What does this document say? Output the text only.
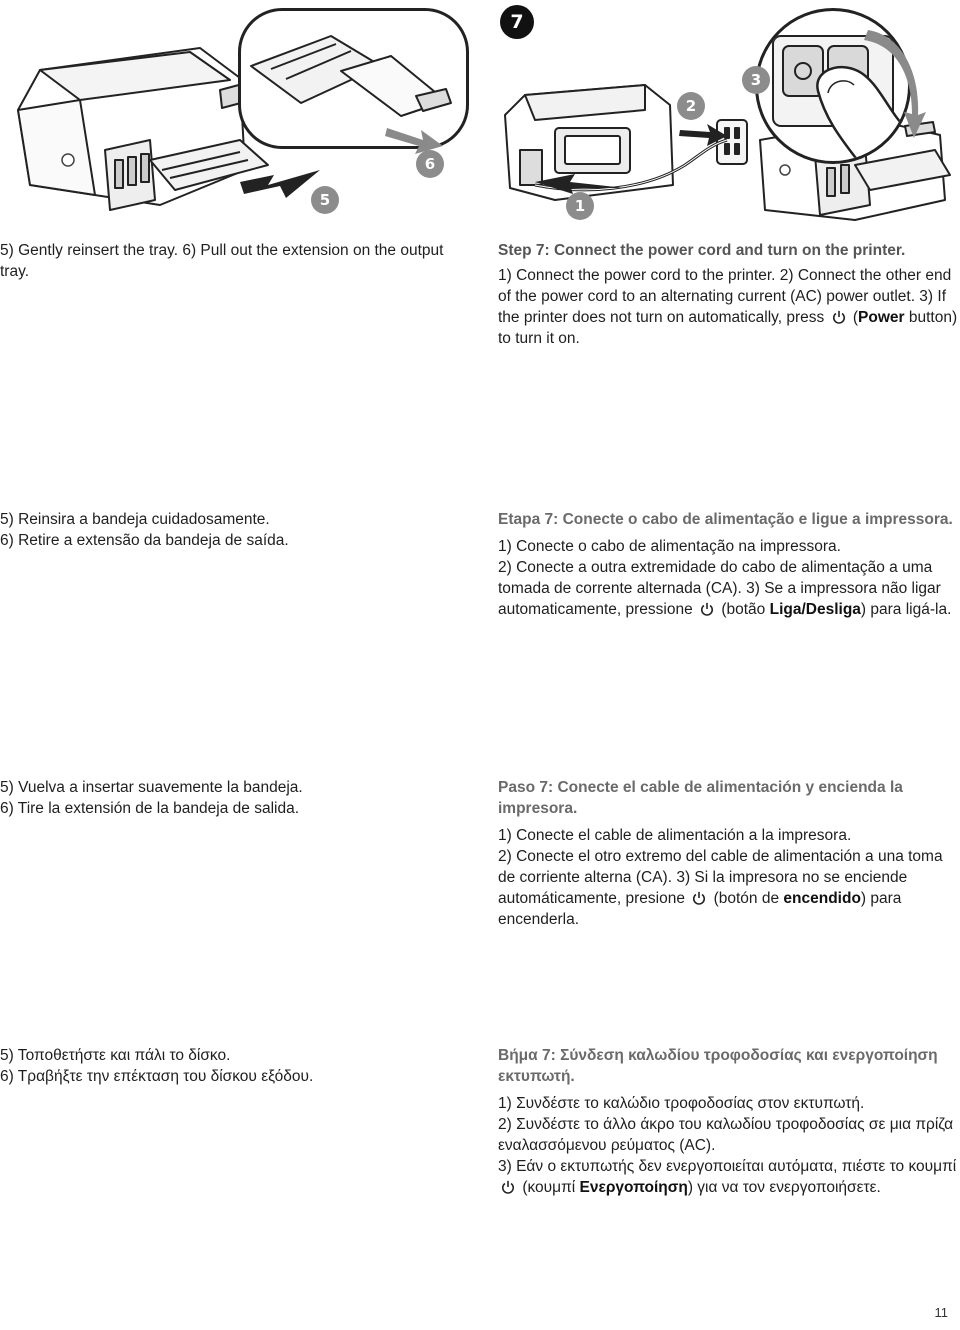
7
5
6
1
2
3
5) Gently reinsert the tray. 6) Pull out the extension on the output tray.
Step 7: Connect the power cord and turn on the printer.
1) Connect the power cord to the printer. 2) Connect the other end of the power cord to an alternating current (AC) power outlet. 3) If the printer does not turn on automatically, press (Power button) to turn it on.
5) Reinsira a bandeja cuidadosamente.
6) Retire a extensão da bandeja de saída.
Etapa 7: Conecte o cabo de alimentação e ligue a impressora.
1) Conecte o cabo de alimentação na impressora.
2) Conecte a outra extremidade do cabo de alimentação a uma tomada de corrente alternada (CA). 3) Se a impressora não ligar automaticamente, pressione (botão Liga/Desliga) para ligá-la.
5) Vuelva a insertar suavemente la bandeja.
6) Tire la extensión de la bandeja de salida.
Paso 7: Conecte el cable de alimentación y encienda la impresora.
1) Conecte el cable de alimentación a la impresora.
2) Conecte el otro extremo del cable de alimentación a una toma de corriente alterna (CA). 3) Si la impresora no se enciende automáticamente, presione (botón de encendido) para encenderla.
5) Τοποθετήστε και πάλι το δίσκο.
6) Τραβήξτε την επέκταση του δίσκου εξόδου.
Βήμα 7: Σύνδεση καλωδίου τροφοδοσίας και ενεργοποίηση εκτυπωτή.
1) Συνδέστε το καλώδιο τροφοδοσίας στον εκτυπωτή.
2) Συνδέστε το άλλο άκρο του καλωδίου τροφοδοσίας σε μια πρίζα εναλασσόμενου ρεύματος (AC).
3) Εάν ο εκτυπωτής δεν ενεργοποιείται αυτόματα, πιέστε το κουμπί  (κουμπί Ενεργοποίηση) για να τον ενεργοποιήσετε.
11
